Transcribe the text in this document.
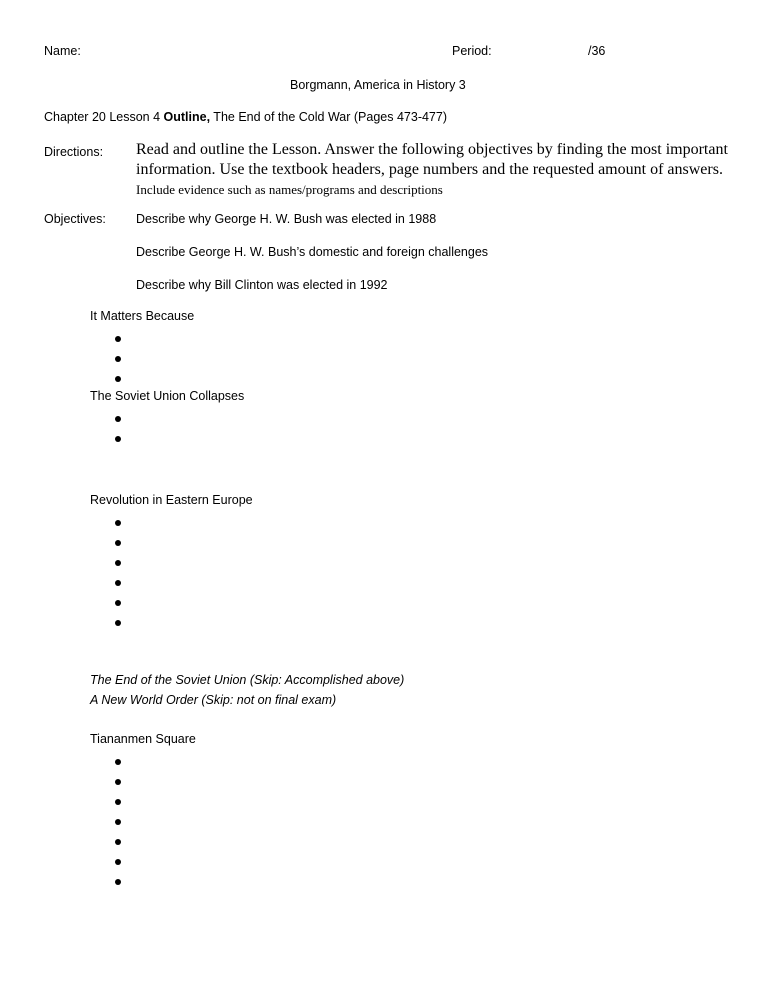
Name:	Period:	/36
Borgmann, America in History 3
Chapter 20 Lesson 4 Outline, The End of the Cold War (Pages 473-477)
Directions: Read and outline the Lesson. Answer the following objectives by finding the most important
information. Use the textbook headers, page numbers and the requested amount of answers.
Include evidence such as names/programs and descriptions
Objectives: Describe why George H. W. Bush was elected in 1988
Describe George H. W. Bush’s domestic and foreign challenges
Describe why Bill Clinton was elected in 1992
It Matters Because
The Soviet Union Collapses
Revolution in Eastern Europe
The End of the Soviet Union (Skip: Accomplished above)
A New World Order (Skip: not on final exam)
Tiananmen Square
